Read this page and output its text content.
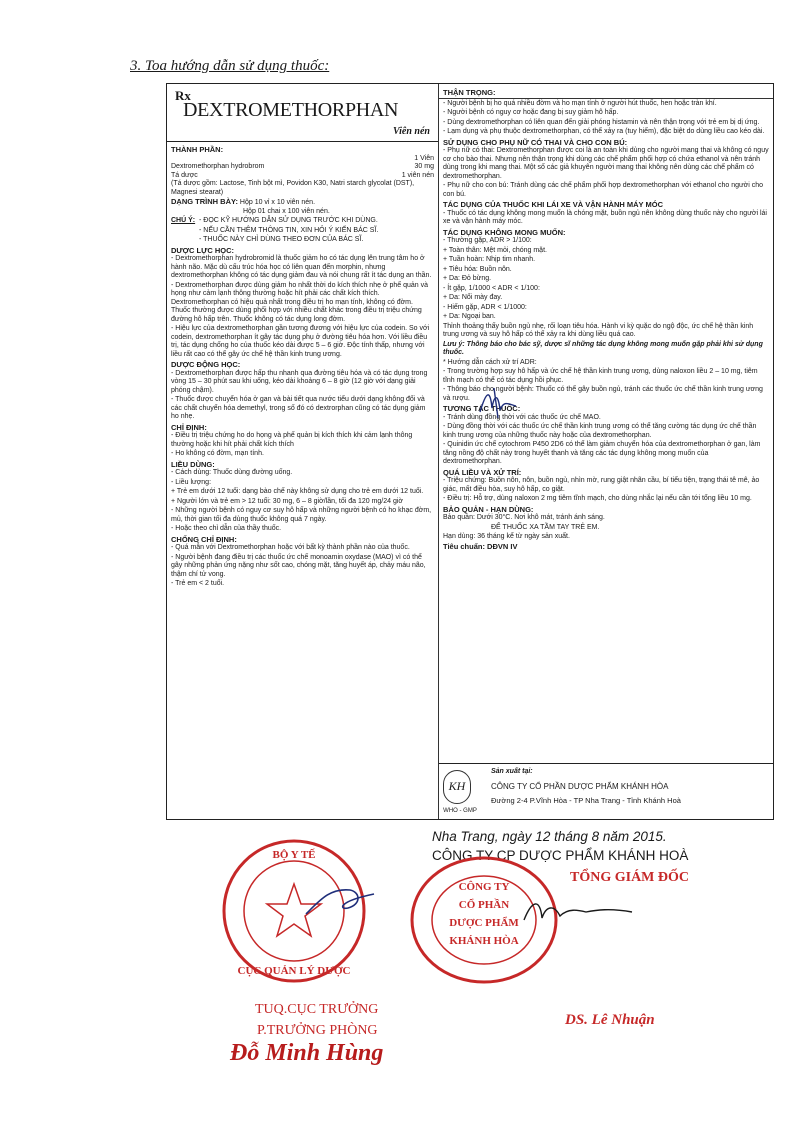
3. Toa hướng dẫn sử dụng thuốc:
Rx
DEXTROMETHORPHAN
Viên nén
THÀNH PHẦN:
1 Viên
Dextromethorphan hydrobrom	30 mg
Tá dược	1 viên nén

(Tá dược gồm: Lactose, Tinh bột mì, Povidon K30, Natri starch glycolat (DST), Magnesi stearat)

DẠNG TRÌNH BÀY: Hộp 10 vỉ x 10 viên nén.

Hộp 01 chai x 100 viên nén.

CHÚ Ý: - ĐỌC KỸ HƯỚNG DẪN SỬ DỤNG TRƯỚC KHI DÙNG.

- NẾU CẦN THÊM THÔNG TIN, XIN HỎI Ý KIẾN BÁC SĨ.

- THUỐC NÀY CHỈ DÙNG THEO ĐƠN CỦA BÁC SĨ.

DƯỢC LỰC HỌC:

- Dextromethorphan hydrobromid là thuốc giảm ho có tác dụng lên trung tâm ho ở hành não. Mặc dù cấu trúc hóa học có liên quan đến morphin, nhưng dextromethorphan không có tác dụng giảm đau và nói chung rất ít tác dụng an thần.

- Dextromethorphan được dùng giảm ho nhất thời do kích thích nhẹ ở phế quản và họng như cảm lạnh thông thường hoặc hít phải các chất kích thích. Dextromethorphan có hiệu quả nhất trong điều trị ho mạn tính, không có đờm. Thuốc thường được dùng phối hợp với nhiều chất khác trong điều trị triệu chứng đường hô hấp trên. Thuốc không có tác dụng long đờm.

- Hiệu lực của dextromethorphan gần tương đương với hiệu lực của codein. So với codein, dextromethorphan ít gây tác dụng phụ ở đường tiêu hóa hơn. Với liều điều trị, tác dụng chống ho của thuốc kéo dài được 5 – 6 giờ. Độc tính thấp, nhưng với liều rất cao có thể gây ức chế hệ thần kinh trung ương.

DƯỢC ĐỘNG HỌC:

- Dextromethorphan được hấp thu nhanh qua đường tiêu hóa và có tác dụng trong vòng 15 – 30 phút sau khi uống, kéo dài khoảng 6 – 8 giờ (12 giờ với dạng giải phóng chậm).

- Thuốc được chuyển hóa ở gan và bài tiết qua nước tiểu dưới dạng không đổi và các chất chuyển hóa demethyl, trong số đó có dextrorphan cũng có tác dụng giảm ho nhẹ.

CHỈ ĐỊNH:

- Điều trị triệu chứng ho do họng và phế quản bị kích thích khi cảm lạnh thông thường hoặc khi hít phải chất kích thích

- Ho không có đờm, mạn tính.

LIỀU DÙNG:

- Cách dùng: Thuốc dùng đường uống.

- Liều lượng:

+ Trẻ em dưới 12 tuổi: dạng bào chế này không sử dụng cho trẻ em dưới 12 tuổi.

+ Người lớn và trẻ em > 12 tuổi: 30 mg, 6 – 8 giờ/lần, tối đa 120 mg/24 giờ

- Những người bệnh có nguy cơ suy hô hấp và những người bệnh có ho khạc đờm, mủ, thời gian tối đa dùng thuốc không quá 7 ngày.

- Hoặc theo chỉ dẫn của thầy thuốc.

CHỐNG CHỈ ĐỊNH:

- Quá mẫn với Dextromethorphan hoặc với bất kỳ thành phần nào của thuốc.

- Người bệnh đang điều trị các thuốc ức chế monoamin oxydase (MAO) vì có thể gây những phản ứng nặng như sốt cao, chóng mặt, tăng huyết áp, chảy máu não, thậm chí tử vong.

- Trẻ em < 2 tuổi.

THẬN TRỌNG:

- Người bệnh bị ho quá nhiều đờm và ho mạn tính ở người hút thuốc, hen hoặc tràn khí.

- Người bệnh có nguy cơ hoặc đang bị suy giảm hô hấp.

- Dùng dextromethorphan có liên quan đến giải phóng histamin và nên thận trọng với trẻ em bị dị ứng.

- Lạm dụng và phụ thuộc dextromethorphan, có thể xảy ra (tuy hiếm), đặc biệt do dùng liều cao kéo dài.

SỬ DỤNG CHO PHỤ NỮ CÓ THAI VÀ CHO CON BÚ:

- Phụ nữ có thai: Dextromethorphan được coi là an toàn khi dùng cho người mang thai và không có nguy cơ cho bào thai. Nhưng nên thận trọng khi dùng các chế phẩm phối hợp có chứa ethanol và nên tránh dùng trong khi mang thai. Một số các giả khuyên người mang thai không nên dùng các chế phẩm có dextromethorphan.

- Phụ nữ cho con bú: Tránh dùng các chế phẩm phối hợp dextromethorphan với ethanol cho người cho con bú.

TÁC DỤNG CỦA THUỐC KHI LÁI XE VÀ VẬN HÀNH MÁY MÓC

- Thuốc có tác dụng không mong muốn là chóng mặt, buồn ngủ nên không dùng thuốc này cho người lái xe và vận hành máy móc.

TÁC DỤNG KHÔNG MONG MUỐN:

- Thường gặp, ADR > 1/100:

+ Toàn thân: Mệt mỏi, chóng mặt.

+ Tuần hoàn: Nhịp tim nhanh.

+ Tiêu hóa: Buồn nôn.

+ Da: Đỏ bừng.

- Ít gặp, 1/1000 < ADR < 1/100:

+ Da: Nổi mày đay.

- Hiếm gặp, ADR < 1/1000:

+ Da: Ngoại ban.

Thỉnh thoảng thấy buồn ngủ nhẹ, rối loạn tiêu hóa. Hành vi kỳ quặc do ngộ độc, ức chế hệ thần kinh trung ương và suy hô hấp có thể xảy ra khi dùng liều quá cao.

Lưu ý: Thông báo cho bác sỹ, dược sĩ những tác dụng không mong muốn gặp phải khi sử dụng thuốc.

* Hướng dẫn cách xử trí ADR:

- Trong trường hợp suy hô hấp và ức chế hệ thần kinh trung ương, dùng naloxon liều 2 – 10 mg, tiêm tĩnh mạch có thể có tác dụng hồi phục.

- Thông báo cho người bệnh: Thuốc có thể gây buồn ngủ, tránh các thuốc ức chế thần kinh trung ương và rượu.

TƯƠNG TÁC THUỐC:

- Tránh dùng đồng thời với các thuốc ức chế MAO.

- Dùng đồng thời với các thuốc ức chế thần kinh trung ương có thể tăng cường tác dụng ức chế thần kinh trung ương của những thuốc này hoặc của dextromethorphan.

- Quinidin ức chế cytochrom P450 2D6 có thể làm giảm chuyển hóa của dextromethorphan ở gan, làm tăng nồng độ chất này trong huyết thanh và tăng các tác dụng không mong muốn của dextromethorphan.

QUÁ LIỀU VÀ XỬ TRÍ:

- Triệu chứng: Buồn nôn, nôn, buồn ngủ, nhìn mờ, rung giật nhãn cầu, bí tiểu tiện, trạng thái tê mê, ảo giác, mất điều hòa, suy hô hấp, co giật.

- Điều trị: Hỗ trợ, dùng naloxon 2 mg tiêm tĩnh mạch, cho dùng nhắc lại nếu cần tới tổng liều 10 mg.

BẢO QUẢN - HẠN DÙNG:

Bảo quản: Dưới 30°C. Nơi khô mát, tránh ánh sáng.

ĐỂ THUỐC XA TẦM TAY TRẺ EM.

Hạn dùng: 36 tháng kể từ ngày sản xuất.

Tiêu chuẩn: DĐVN IV

KH
WHO - GMP
Sản xuất tại:
CÔNG TY CỔ PHẦN DƯỢC PHẨM KHÁNH HÒA
Đường 2-4 P.Vĩnh Hòa - TP Nha Trang - Tỉnh Khánh Hoà
Nha Trang, ngày 12 tháng 8 năm 2015.
CÔNG TY CP DƯỢC PHẨM KHÁNH HOÀ
TỔNG GIÁM ĐỐC
DS. Lê Nhuận
CÔNG TY
CỔ PHẦN
DƯỢC PHẨM
KHÁNH HÒA
BỘ Y TẾ
CỤC QUẢN LÝ DƯỢC
TUQ.CỤC TRƯỞNG
P.TRƯỞNG PHÒNG
Đỗ Minh Hùng
